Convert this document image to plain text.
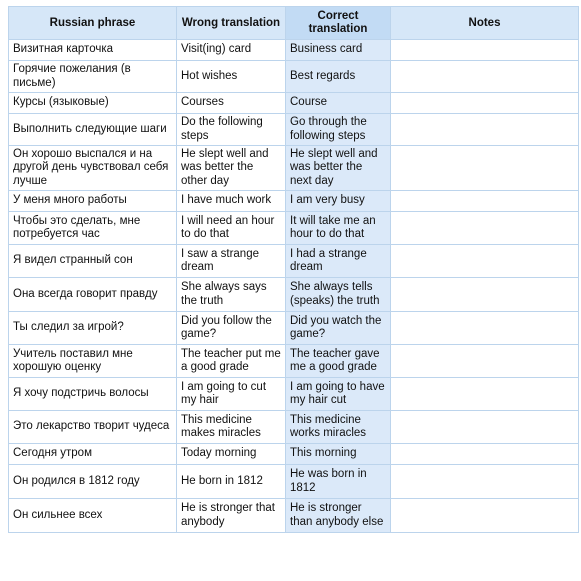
Russian phrase	Wrong translation	Correct translation	Notes
Визитная карточка	Visit(ing) card	Business card	
Горячие пожелания (в письме)	Hot wishes	Best regards	
Курсы (языковые)	Courses	Course	
Выполнить следующие шаги	Do the following steps	Go through the following steps	
Он хорошо выспался и на другой день чувствовал себя лучше	He slept well and was better the other day	He slept well and was better the next day	
У меня много работы	I have much work	I am very busy	
Чтобы это сделать, мне потребуется час	I will need an hour to do that	It will take me an hour to do that	
Я видел странный сон	I saw a strange dream	I had a strange dream	
Она всегда говорит правду	She always says the truth	She always tells (speaks) the truth	
Ты следил за игрой?	Did you follow the game?	Did you watch the game?	
Учитель поставил мне хорошую оценку	The teacher put me a good grade	The teacher gave me a good grade	
Я хочу подстричь волосы	I am going to cut my hair	I am going to have my hair cut	
Это лекарство творит чудеса	This medicine makes miracles	This medicine works miracles	
Сегодня утром	Today morning	This morning	
Он родился в 1812 году	He born in 1812	He was born in 1812	
Он сильнее всех	He is stronger that anybody	He is stronger than anybody else	
